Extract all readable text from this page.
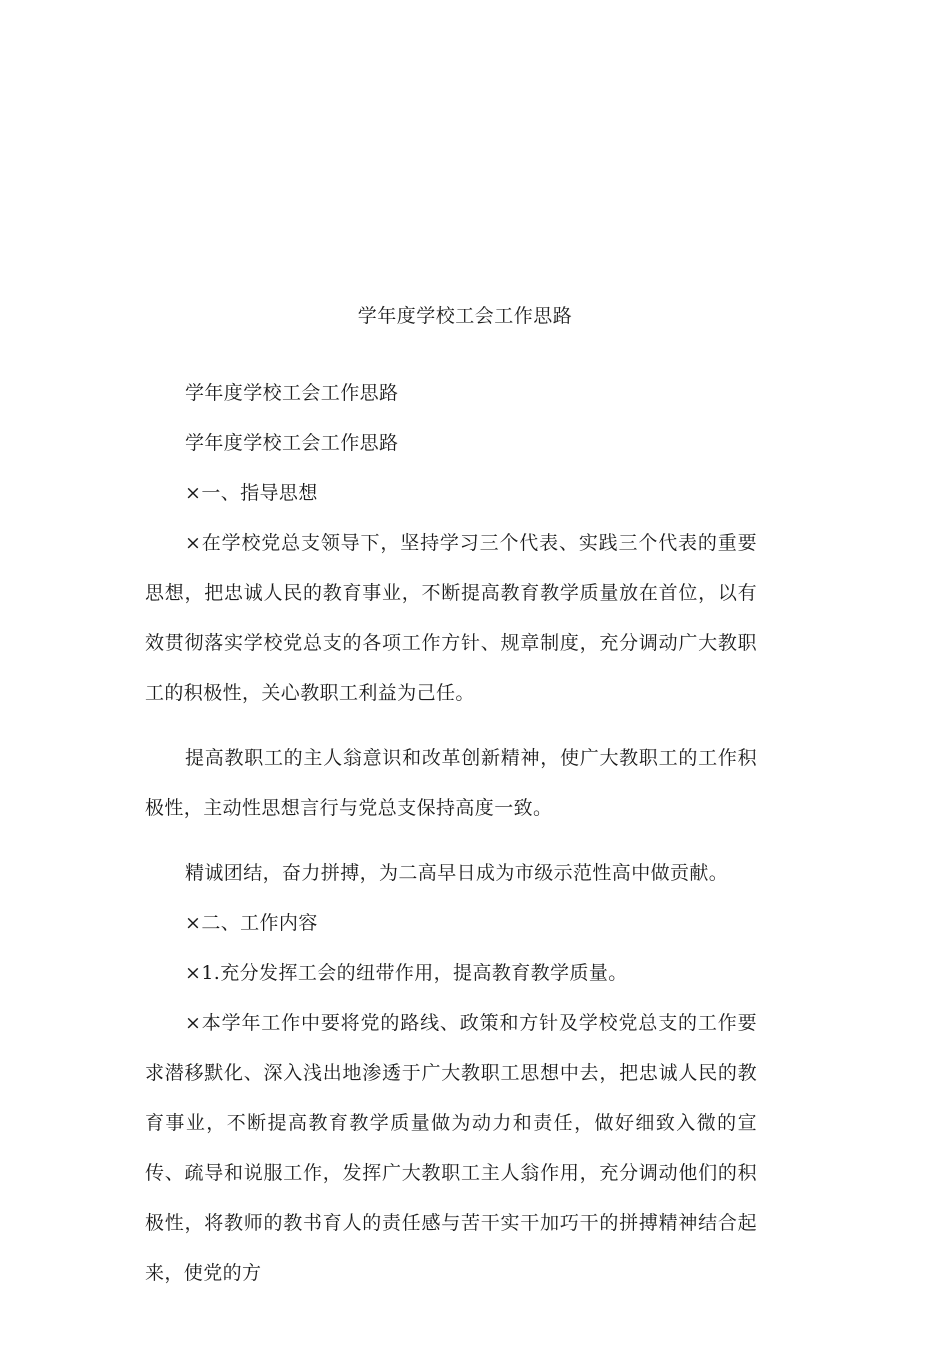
学年度学校工会工作思路

学年度学校工会工作思路

学年度学校工会工作思路

×一、指导思想

×在学校党总支领导下，坚持学习三个代表、实践三个代表的重要思想，把忠诚人民的教育事业，不断提高教育教学质量放在首位，以有效贯彻落实学校党总支的各项工作方针、规章制度，充分调动广大教职工的积极性，关心教职工利益为己任。

提高教职工的主人翁意识和改革创新精神，使广大教职工的工作积极性，主动性思想言行与党总支保持高度一致。

精诚团结，奋力拼搏，为二高早日成为市级示范性高中做贡献。

×二、工作内容

×1.充分发挥工会的纽带作用，提高教育教学质量。

×本学年工作中要将党的路线、政策和方针及学校党总支的工作要求潜移默化、深入浅出地渗透于广大教职工思想中去，把忠诚人民的教育事业，不断提高教育教学质量做为动力和责任，做好细致入微的宣传、疏导和说服工作，发挥广大教职工主人翁作用，充分调动他们的积极性，将教师的教书育人的责任感与苦干实干加巧干的拼搏精神结合起来，使党的方
